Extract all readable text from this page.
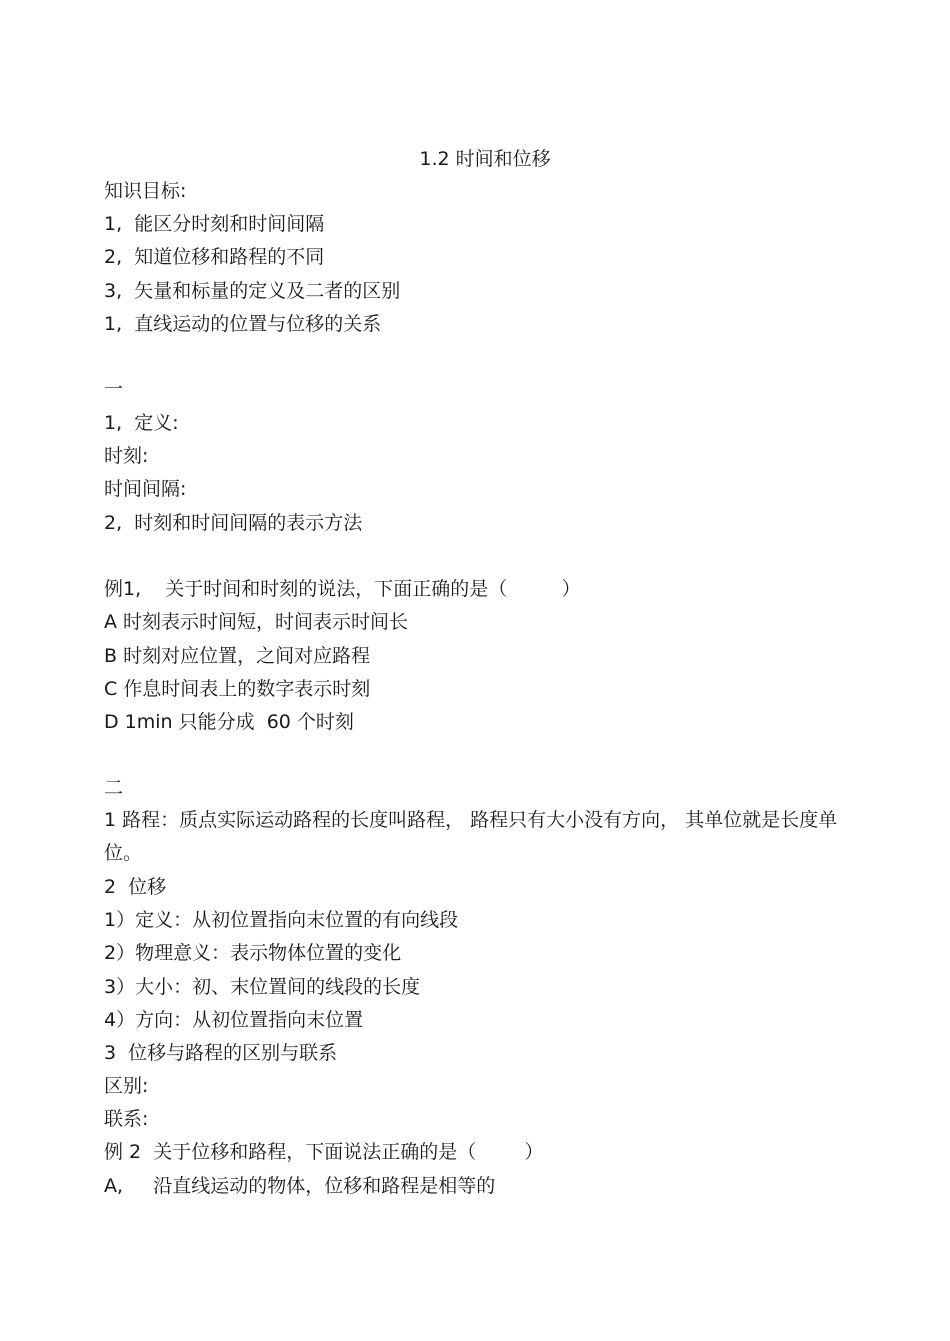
1.2 时间和位移
知识目标:
1,  能区分时刻和时间间隔
2,  知道位移和路程的不同
3,  矢量和标量的定义及二者的区别
1,  直线运动的位置与位移的关系
一
1,  定义:
时刻:
时间间隔:
2,  时刻和时间间隔的表示方法
例1,    关于时间和时刻的说法，下面正确的是（         ）
A 时刻表示时间短，时间表示时间长
B 时刻对应位置，之间对应路程
C 作息时间表上的数字表示时刻
D 1min 只能分成  60 个时刻
二
1 路程：质点实际运动路程的长度叫路程， 路程只有大小没有方向， 其单位就是长度单位。
2  位移
1）定义：从初位置指向末位置的有向线段
2）物理意义：表示物体位置的变化
3）大小：初、末位置间的线段的长度
4）方向：从初位置指向末位置
3  位移与路程的区别与联系
区别:
联系:
例 2  关于位移和路程，下面说法正确的是（        ）
A,     沿直线运动的物体，位移和路程是相等的
